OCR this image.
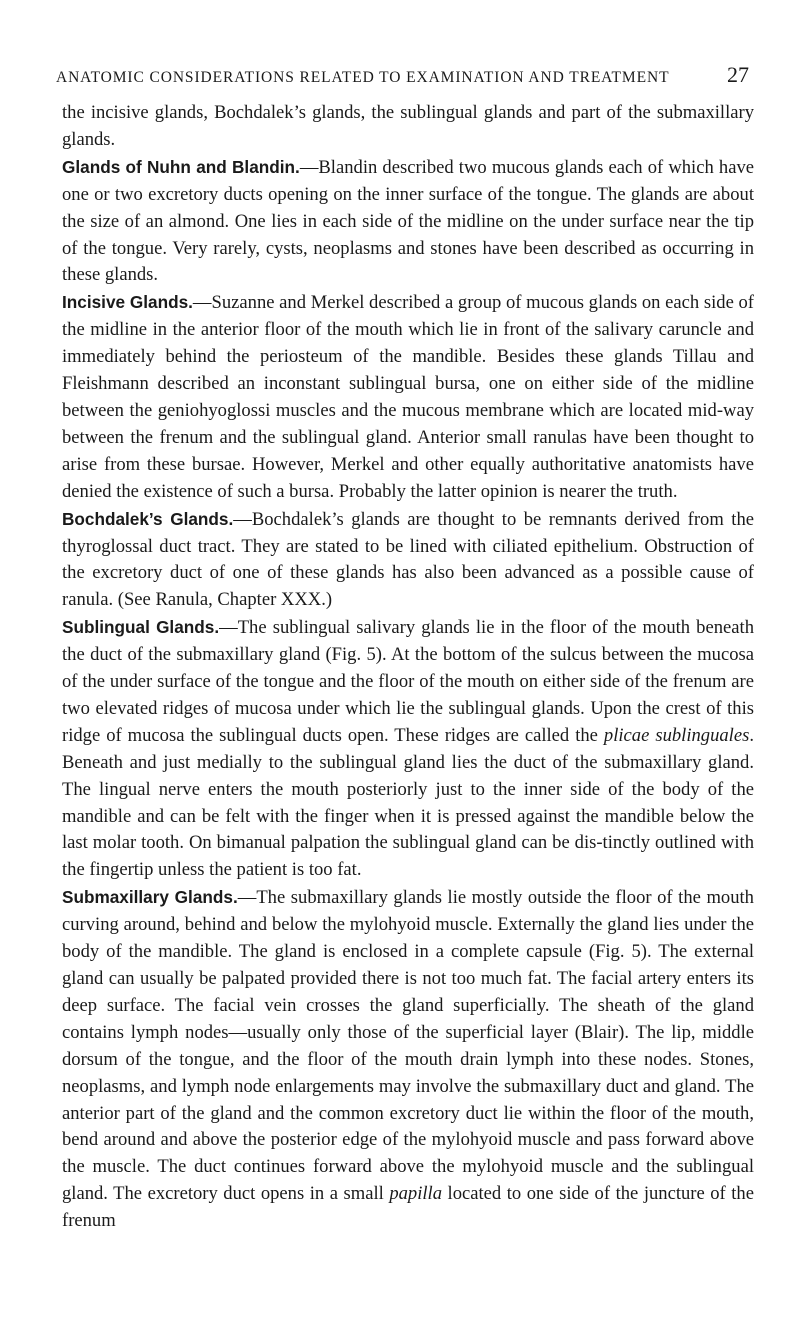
ANATOMIC CONSIDERATIONS RELATED TO EXAMINATION AND TREATMENT	27

the incisive glands, Bochdalek’s glands, the sublingual glands and part of the submaxillary glands.

Glands of Nuhn and Blandin.—Blandin described two mucous glands each of which have one or two excretory ducts opening on the inner surface of the tongue. The glands are about the size of an almond. One lies in each side of the midline on the under surface near the tip of the tongue. Very rarely, cysts, neoplasms and stones have been described as occurring in these glands.

Incisive Glands.—Suzanne and Merkel described a group of mucous glands on each side of the midline in the anterior floor of the mouth which lie in front of the salivary caruncle and immediately behind the periosteum of the mandible. Besides these glands Tillau and Fleishmann described an inconstant sublingual bursa, one on either side of the midline between the geniohyoglossi muscles and the mucous membrane which are located mid-way between the frenum and the sublingual gland. Anterior small ranulas have been thought to arise from these bursae. However, Merkel and other equally authoritative anatomists have denied the existence of such a bursa. Probably the latter opinion is nearer the truth.

Bochdalek’s Glands.—Bochdalek’s glands are thought to be remnants derived from the thyroglossal duct tract. They are stated to be lined with ciliated epithelium. Obstruction of the excretory duct of one of these glands has also been advanced as a possible cause of ranula. (See Ranula, Chapter XXX.)

Sublingual Glands.—The sublingual salivary glands lie in the floor of the mouth beneath the duct of the submaxillary gland (Fig. 5). At the bottom of the sulcus between the mucosa of the under surface of the tongue and the floor of the mouth on either side of the frenum are two elevated ridges of mucosa under which lie the sublingual glands. Upon the crest of this ridge of mucosa the sublingual ducts open. These ridges are called the plicae sublinguales. Beneath and just medially to the sublingual gland lies the duct of the submaxillary gland. The lingual nerve enters the mouth posteriorly just to the inner side of the body of the mandible and can be felt with the finger when it is pressed against the mandible below the last molar tooth. On bimanual palpation the sublingual gland can be dis-tinctly outlined with the fingertip unless the patient is too fat.

Submaxillary Glands.—The submaxillary glands lie mostly outside the floor of the mouth curving around, behind and below the mylohyoid muscle. Externally the gland lies under the body of the mandible. The gland is enclosed in a complete capsule (Fig. 5). The external gland can usually be palpated provided there is not too much fat. The facial artery enters its deep surface. The facial vein crosses the gland superficially. The sheath of the gland contains lymph nodes—usually only those of the superficial layer (Blair). The lip, middle dorsum of the tongue, and the floor of the mouth drain lymph into these nodes. Stones, neoplasms, and lymph node enlargements may involve the submaxillary duct and gland. The anterior part of the gland and the common excretory duct lie within the floor of the mouth, bend around and above the posterior edge of the mylohyoid muscle and pass forward above the muscle. The duct continues forward above the mylohyoid muscle and the sublingual gland. The excretory duct opens in a small papilla located to one side of the juncture of the frenum
